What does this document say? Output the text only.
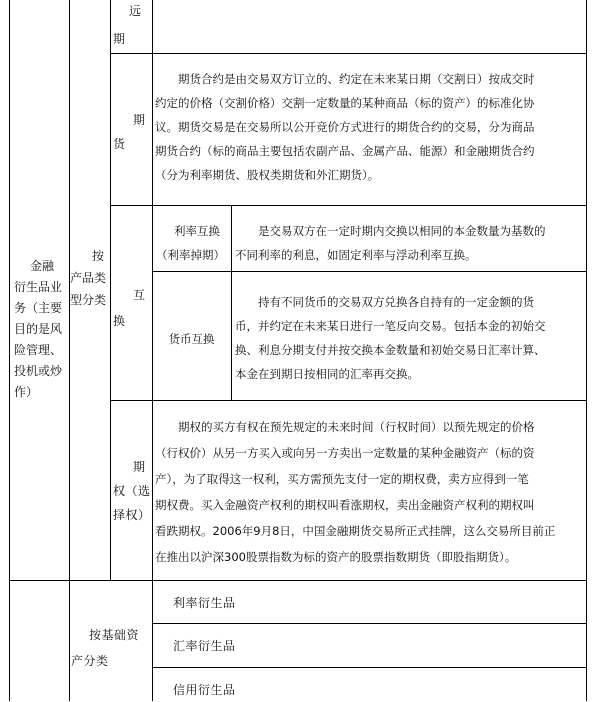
金融
衍生品业
务（主要
目的是风
险管理、
投机或炒
作）
按
产品类
型分类
远
期
期
货
　　期货合约是由交易双方订立的、约定在未来某日期（交割日）按成交时
约定的价格（交割价格）交割一定数量的某种商品（标的资产）的标准化协
议。期货交易是在交易所以公开竞价方式进行的期货合约的交易，分为商品
期货合约（标的商品主要包括农副产品、金属产品、能源）和金融期货合约
（分为利率期货、股权类期货和外汇期货）。
互
换
利率互换
（利率掉期）
　　是交易双方在一定时期内交换以相同的本金数量为基数的
不同利率的利息，如固定利率与浮动利率互换。
货币互换
　　持有不同货币的交易双方兑换各自持有的一定金额的货
币，并约定在未来某日进行一笔反向交易。包括本金的初始交
换、利息分期支付并按交换本金数量和初始交易日汇率计算、
本金在到期日按相同的汇率再交换。
期
权（选
择权）
　　期权的买方有权在预先规定的未来时间（行权时间）以预先规定的价格
（行权价）从另一方买入或向另一方卖出一定数量的某种金融资产（标的资
产），为了取得这一权利，买方需预先支付一定的期权费，卖方应得到一笔
期权费。买入金融资产权利的期权叫看涨期权，卖出金融资产权利的期权叫
看跌期权。2006年9月8日，中国金融期货交易所正式挂牌，这么交易所目前正
在推出以沪深300股票指数为标的资产的股票指数期货（即股指期货）。
按基础资
产分类
利率衍生品
汇率衍生品
信用衍生品
